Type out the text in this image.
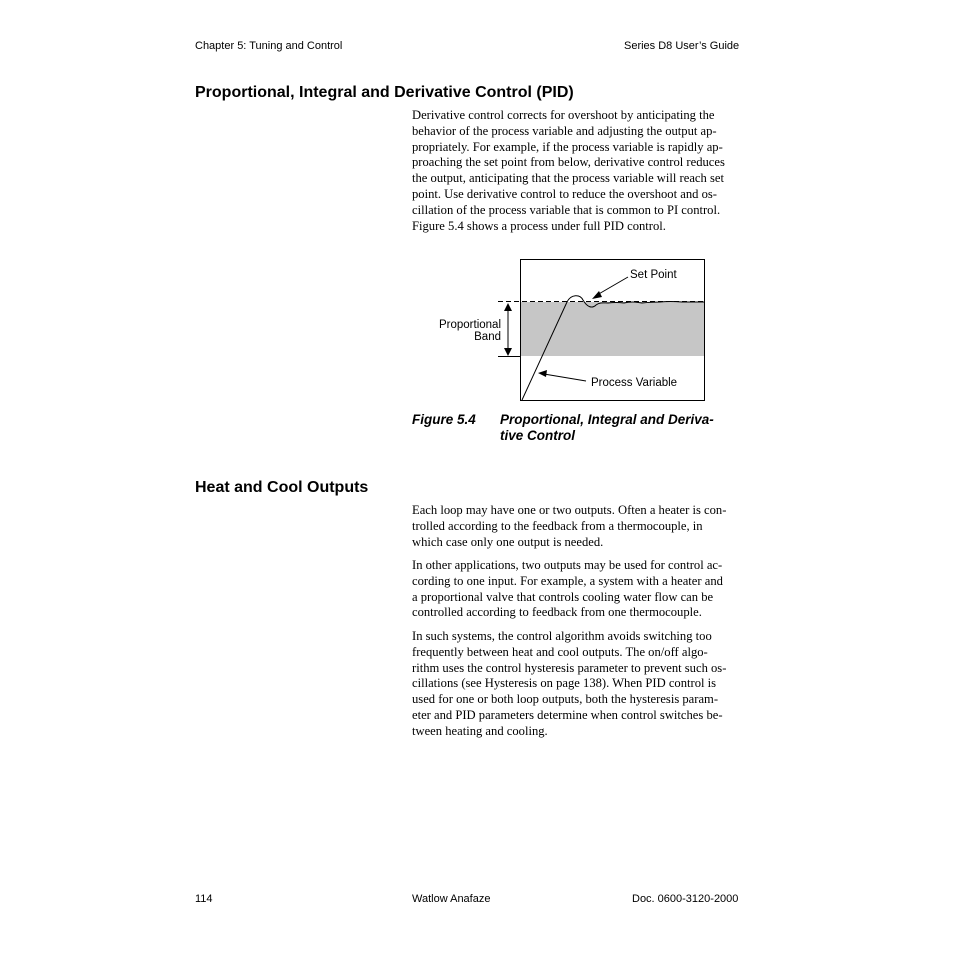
Chapter 5: Tuning and Control	Series D8 User’s Guide
Proportional, Integral and Derivative Control (PID)

Derivative control corrects for overshoot by anticipating the
behavior of the process variable and adjusting the output ap-
propriately. For example, if the process variable is rapidly ap-
proaching the set point from below, derivative control reduces
the output, anticipating that the process variable will reach set
point. Use derivative control to reduce the overshoot and os-
cillation of the process variable that is common to PI control.
Figure 5.4 shows a process under full PID control.

Set Point
Proportional
Band
Process Variable
Figure 5.4 Proportional, Integral and Deriva-
tive Control
Heat and Cool Outputs

Each loop may have one or two outputs. Often a heater is con-
trolled according to the feedback from a thermocouple, in
which case only one output is needed.

In other applications, two outputs may be used for control ac-
cording to one input. For example, a system with a heater and
a proportional valve that controls cooling water flow can be
controlled according to feedback from one thermocouple.

In such systems, the control algorithm avoids switching too
frequently between heat and cool outputs. The on/off algo-
rithm uses the control hysteresis parameter to prevent such os-
cillations (see Hysteresis on page 138). When PID control is
used for one or both loop outputs, both the hysteresis param-
eter and PID parameters determine when control switches be-
tween heating and cooling.

114	Watlow Anafaze	Doc. 0600-3120-2000
